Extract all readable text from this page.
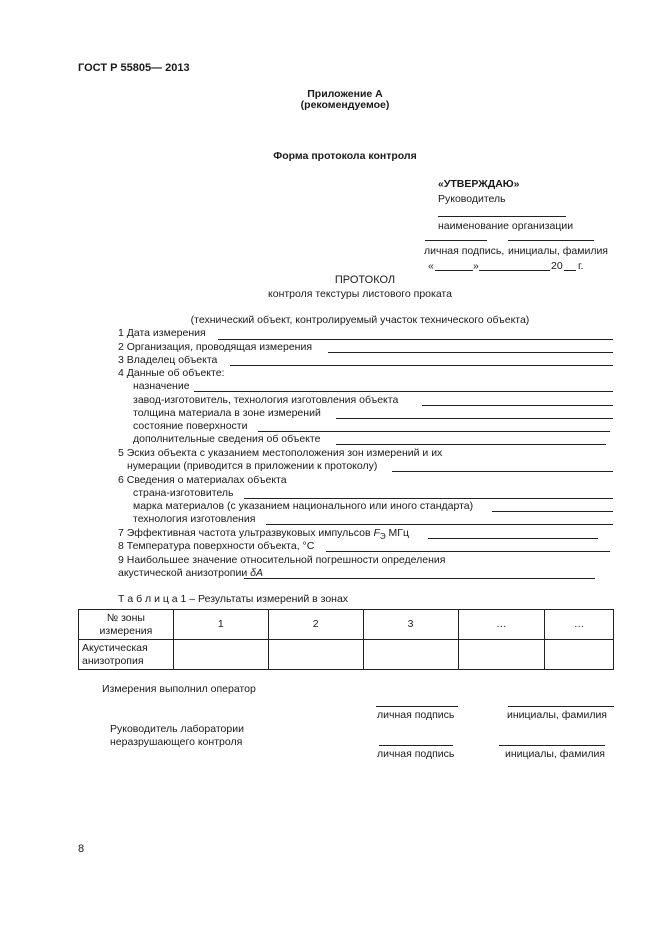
ГОСТ Р 55805— 2013
Приложение А
(рекомендуемое)
Форма протокола контроля
«УТВЕРЖДАЮ»
Руководитель
наименование организации
личная подпись, инициалы, фамилия
«	»	20 г.
ПРОТОКОЛ
контроля текстуры листового проката
(технический объект, контролируемый участок технического объекта)
1 Дата измерения
2 Организация, проводящая измерения
3 Владелец объекта
4 Данные об объекте:
назначение
завод-изготовитель, технология изготовления объекта
толщина материала в зоне измерений
состояние поверхности
дополнительные сведения об объекте
5 Эскиз объекта с указанием местоположения зон измерений и их
нумерации (приводится в приложении к протоколу)
6 Сведения о материалах объекта
страна-изготовитель
марка материалов (с указанием национального или иного стандарта)
технология изготовления
7 Эффективная частота ультразвуковых импульсов $F_Э$ МГц
8 Температура поверхности объекта, °С
9 Наибольшее значение относительной погрешности определения
акустической анизотропии δA
Т а б л и ц а 1 – Результаты измерений в зонах
№ зоны измерения	1	2	3	…	…
Акустическая анизотропия					
Измерения выполнил оператор
личная подпись	инициалы, фамилия
Руководитель лаборатории
неразрушающего контроля
личная подпись	инициалы, фамилия
8
